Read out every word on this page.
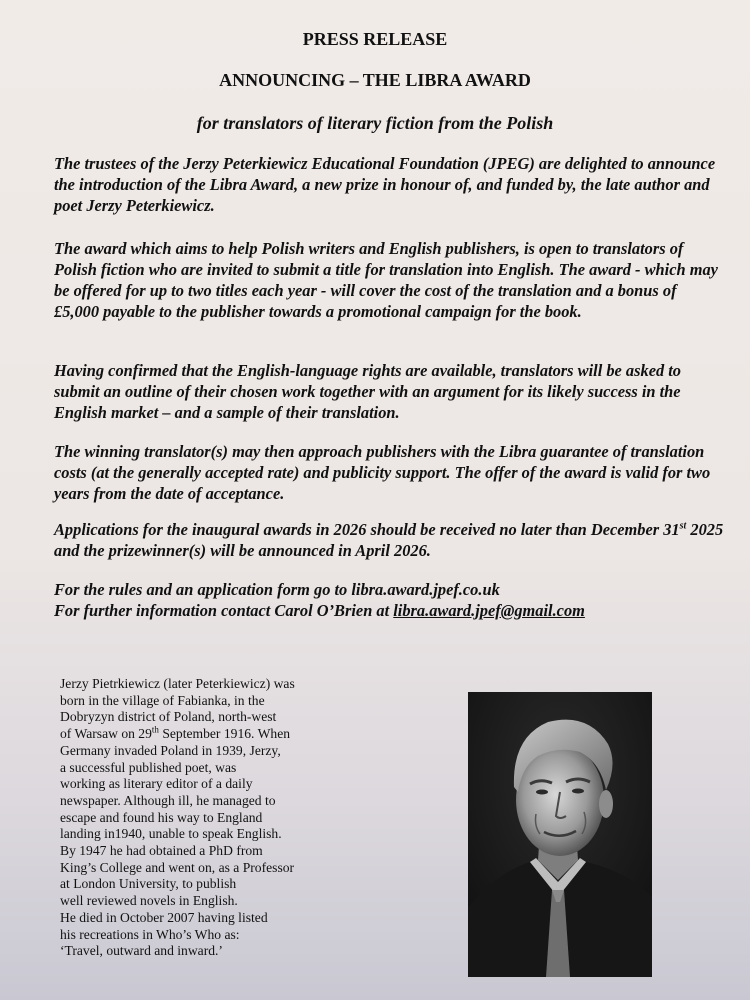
PRESS RELEASE
ANNOUNCING – THE LIBRA AWARD
for translators of literary fiction from the Polish

The trustees of the Jerzy Peterkiewicz Educational Foundation (JPEG) are delighted to announce the introduction of the Libra Award, a new prize in honour of, and funded by, the late author and poet Jerzy Peterkiewicz.

The award which aims to help Polish writers and English publishers, is open to translators of Polish fiction who are invited to submit a title for translation into English. The award - which may be offered for up to two titles each year - will cover the cost of the translation and a bonus of £5,000 payable to the publisher towards a promotional campaign for the book.

Having confirmed that the English-language rights are available, translators will be asked to submit an outline of their chosen work together with an argument for its likely success in the English market – and a sample of their translation.

The winning translator(s) may then approach publishers with the Libra guarantee of translation costs (at the generally accepted rate) and publicity support. The offer of the award is valid for two years from the date of acceptance.

Applications for the inaugural awards in 2026 should be received no later than December 31st 2025 and the prizewinner(s) will be announced in April 2026.

For the rules and an application form go to libra.award.jpef.co.uk
For further information contact Carol O’Brien at libra.award.jpef@gmail.com

Jerzy Pietrkiewicz (later Peterkiewicz) was
born in the village of Fabianka, in the
Dobryzyn district of Poland, north-west
of Warsaw on 29th September 1916. When
Germany invaded Poland in 1939, Jerzy,
a successful published poet, was
working as literary editor of a daily
newspaper. Although ill, he managed to
escape and found his way to England
landing in1940, unable to speak English.
By 1947 he had obtained a PhD from
King’s College and went on, as a Professor
at London University, to publish
well reviewed novels in English.
He died in October 2007 having listed
his recreations in Who’s Who as:
‘Travel, outward and inward.’
